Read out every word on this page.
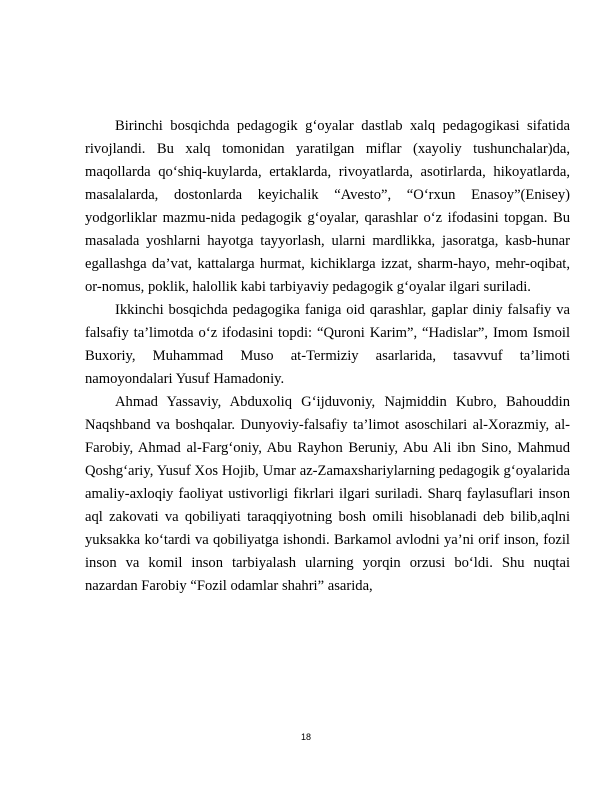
Birinchi bosqichda pedagogik g‘oyalar dastlab xalq pedagogikasi sifatida rivojlandi. Bu xalq tomonidan yaratilgan miflar (xayoliy tushunchalar)da, maqollarda qo‘shiq-kuylarda, ertaklarda, rivoyatlarda, asotirlarda, hikoyatlarda, masalalarda, dostonlarda keyichalik “Avesto”, “O‘rxun Enasoy”(Enisey) yodgorliklar mazmu-nida pedagogik g‘oyalar, qarashlar o‘z ifodasini topgan. Bu masalada yoshlarni hayotga tayyorlash, ularni mardlikka, jasoratga, kasb-hunar egallashga da’vat, kattalarga hurmat, kichiklarga izzat, sharm-hayo, mehr-oqibat, or-nomus, poklik, halollik kabi tarbiyaviy pedagogik g‘oyalar ilgari suriladi.

Ikkinchi bosqichda pedagogika faniga oid qarashlar, gaplar diniy falsafiy va falsafiy ta’limotda o‘z ifodasini topdi: “Quroni Karim”, “Hadislar”, Imom Ismoil Buxoriy, Muhammad Muso at-Termiziy asarlarida, tasavvuf ta’limoti namoyondalari Yusuf Hamadoniy.

Ahmad Yassaviy, Abduxoliq G‘ijduvoniy, Najmiddin Kubro, Bahouddin Naqshband va boshqalar. Dunyoviy-falsafiy ta’limot asoschilari al-Xorazmiy, al-Farobiy, Ahmad al-Farg‘oniy, Abu Rayhon Beruniy, Abu Ali ibn Sino, Mahmud Qoshg‘ariy, Yusuf Xos Hojib, Umar az-Zamaxshariylarning pedagogik g‘oyalarida amaliy-axloqiy faoliyat ustivorligi fikrlari ilgari suriladi. Sharq faylasuflari inson aql zakovati va qobiliyati taraqqiyotning bosh omili hisoblanadi deb bilib,aqlni yuksakka ko‘tardi va qobiliyatga ishondi. Barkamol avlodni ya’ni orif inson, fozil inson va komil inson tarbiyalash ularning yorqin orzusi bo‘ldi. Shu nuqtai nazardan Farobiy “Fozil odamlar shahri” asarida,

18
